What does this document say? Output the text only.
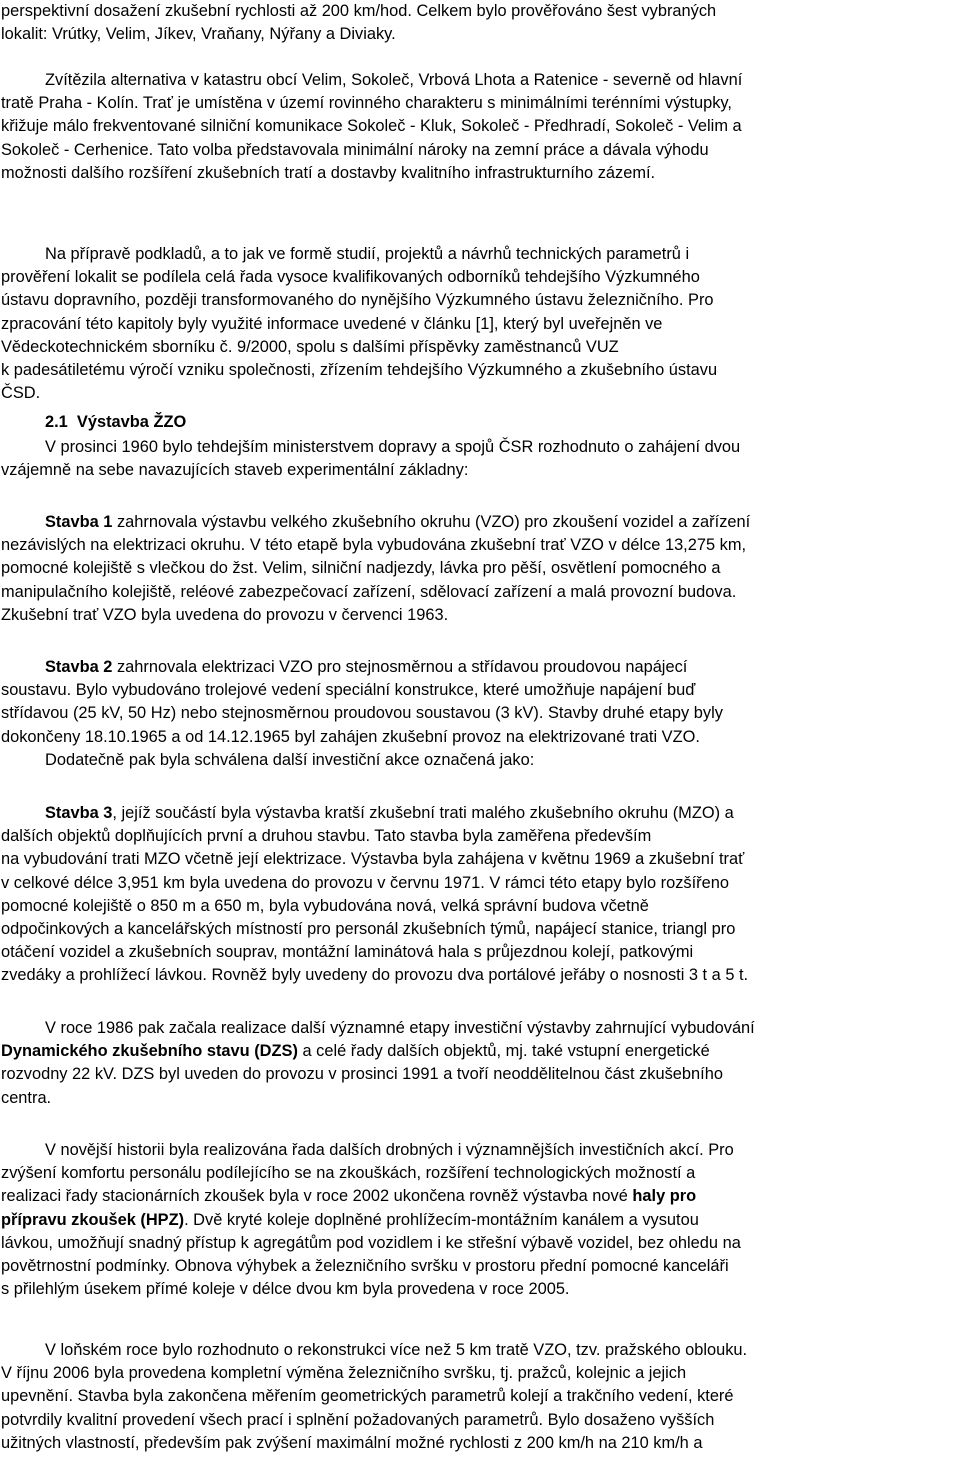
perspektivní dosažení zkušební rychlosti až 200 km/hod. Celkem bylo prověřováno šest vybraných
lokalit: Vrútky, Velim, Jíkev, Vraňany, Nýřany a Diviaky.
Zvítězila alternativa v katastru obcí Velim, Sokoleč, Vrbová Lhota a Ratenice - severně od hlavní
tratě Praha - Kolín. Trať je umístěna v území rovinného charakteru s minimálními terénními výstupky,
křižuje málo frekventované silniční komunikace Sokoleč - Kluk, Sokoleč - Předhradí, Sokoleč - Velim a
Sokoleč - Cerhenice. Tato volba představovala minimální nároky na zemní práce a dávala výhodu
možnosti dalšího rozšíření zkušebních tratí a dostavby kvalitního infrastrukturního zázemí.
Na přípravě podkladů, a to jak ve formě studií, projektů a návrhů technických parametrů i
prověření lokalit se podílela celá řada vysoce kvalifikovaných odborníků tehdejšího Výzkumného
ústavu dopravního, později transformovaného do nynějšího Výzkumného ústavu železničního. Pro
zpracování této kapitoly byly využité informace uvedené v článku [1], který byl uveřejněn ve
Vědeckotechnickém sborníku č. 9/2000, spolu s dalšími příspěvky zaměstnanců VUZ
k padesátiletému výročí vzniku společnosti, zřízením tehdejšího Výzkumného a zkušebního ústavu
ČSD.
2.1 Výstavba ŽZO
V prosinci 1960 bylo tehdejším ministerstvem dopravy a spojů ČSR rozhodnuto o zahájení dvou
vzájemně na sebe navazujících staveb experimentální základny:
Stavba 1 zahrnovala výstavbu velkého zkušebního okruhu (VZO) pro zkoušení vozidel a zařízení
nezávislých na elektrizaci okruhu. V této etapě byla vybudována zkušební trať VZO v délce 13,275 km,
pomocné kolejiště s vlečkou do žst. Velim, silniční nadjezdy, lávka pro pěší, osvětlení pomocného a
manipulačního kolejiště, reléové zabezpečovací zařízení, sdělovací zařízení a malá provozní budova.
Zkušební trať VZO byla uvedena do provozu v červenci 1963.
Stavba 2 zahrnovala elektrizaci VZO pro stejnosměrnou a střídavou proudovou napájecí
soustavu. Bylo vybudováno trolejové vedení speciální konstrukce, které umožňuje napájení buď
střídavou (25 kV, 50 Hz) nebo stejnosměrnou proudovou soustavou (3 kV). Stavby druhé etapy byly
dokončeny 18.10.1965 a od 14.12.1965 byl zahájen zkušební provoz na elektrizované trati VZO.
Dodatečně pak byla schválena další investiční akce označená jako:
Stavba 3, jejíž součástí byla výstavba kratší zkušební trati malého zkušebního okruhu (MZO) a
dalších objektů doplňujících první a druhou stavbu. Tato stavba byla zaměřena především
na vybudování trati MZO včetně její elektrizace. Výstavba byla zahájena v květnu 1969 a zkušební trať
v celkové délce 3,951 km byla uvedena do provozu v červnu 1971. V rámci této etapy bylo rozšířeno
pomocné kolejiště o 850 m a 650 m, byla vybudována nová, velká správní budova včetně
odpočinkových a kancelářských místností pro personál zkušebních týmů, napájecí stanice, triangl pro
otáčení vozidel a zkušebních souprav, montážní laminátová hala s průjezdnou kolejí, patkovými
zvedáky a prohlížecí lávkou. Rovněž byly uvedeny do provozu dva portálové jeřáby o nosnosti 3 t a 5 t.
V roce 1986 pak začala realizace další významné etapy investiční výstavby zahrnující vybudování
Dynamického zkušebního stavu (DZS) a celé řady dalších objektů, mj. také vstupní energetické
rozvodny 22 kV. DZS byl uveden do provozu v prosinci 1991 a tvoří neoddělitelnou část zkušebního
centra.
V novější historii byla realizována řada dalších drobných i významnějších investičních akcí. Pro
zvýšení komfortu personálu podílejícího se na zkouškách, rozšíření technologických možností a
realizaci řady stacionárních zkoušek byla v roce 2002 ukončena rovněž výstavba nové haly pro
přípravu zkoušek (HPZ). Dvě kryté koleje doplněné prohlížecím-montážním kanálem a vysutou
lávkou, umožňují snadný přístup k agregátům pod vozidlem i ke střešní výbavě vozidel, bez ohledu na
povětrnostní podmínky. Obnova výhybek a železničního svršku v prostoru přední pomocné kanceláři
s přilehlým úsekem přímé koleje v délce dvou km byla provedena v roce 2005.
V loňském roce bylo rozhodnuto o rekonstrukci více než 5 km tratě VZO, tzv. pražského oblouku.
V říjnu 2006 byla provedena kompletní výměna železničního svršku, tj. pražců, kolejnic a jejich
upevnění. Stavba byla zakončena měřením geometrických parametrů kolejí a trakčního vedení, které
potvrdily kvalitní provedení všech prací i splnění požadovaných parametrů. Bylo dosaženo vyšších
užitných vlastností, především pak zvýšení maximální možné rychlosti z 200 km/h na 210 km/h a
